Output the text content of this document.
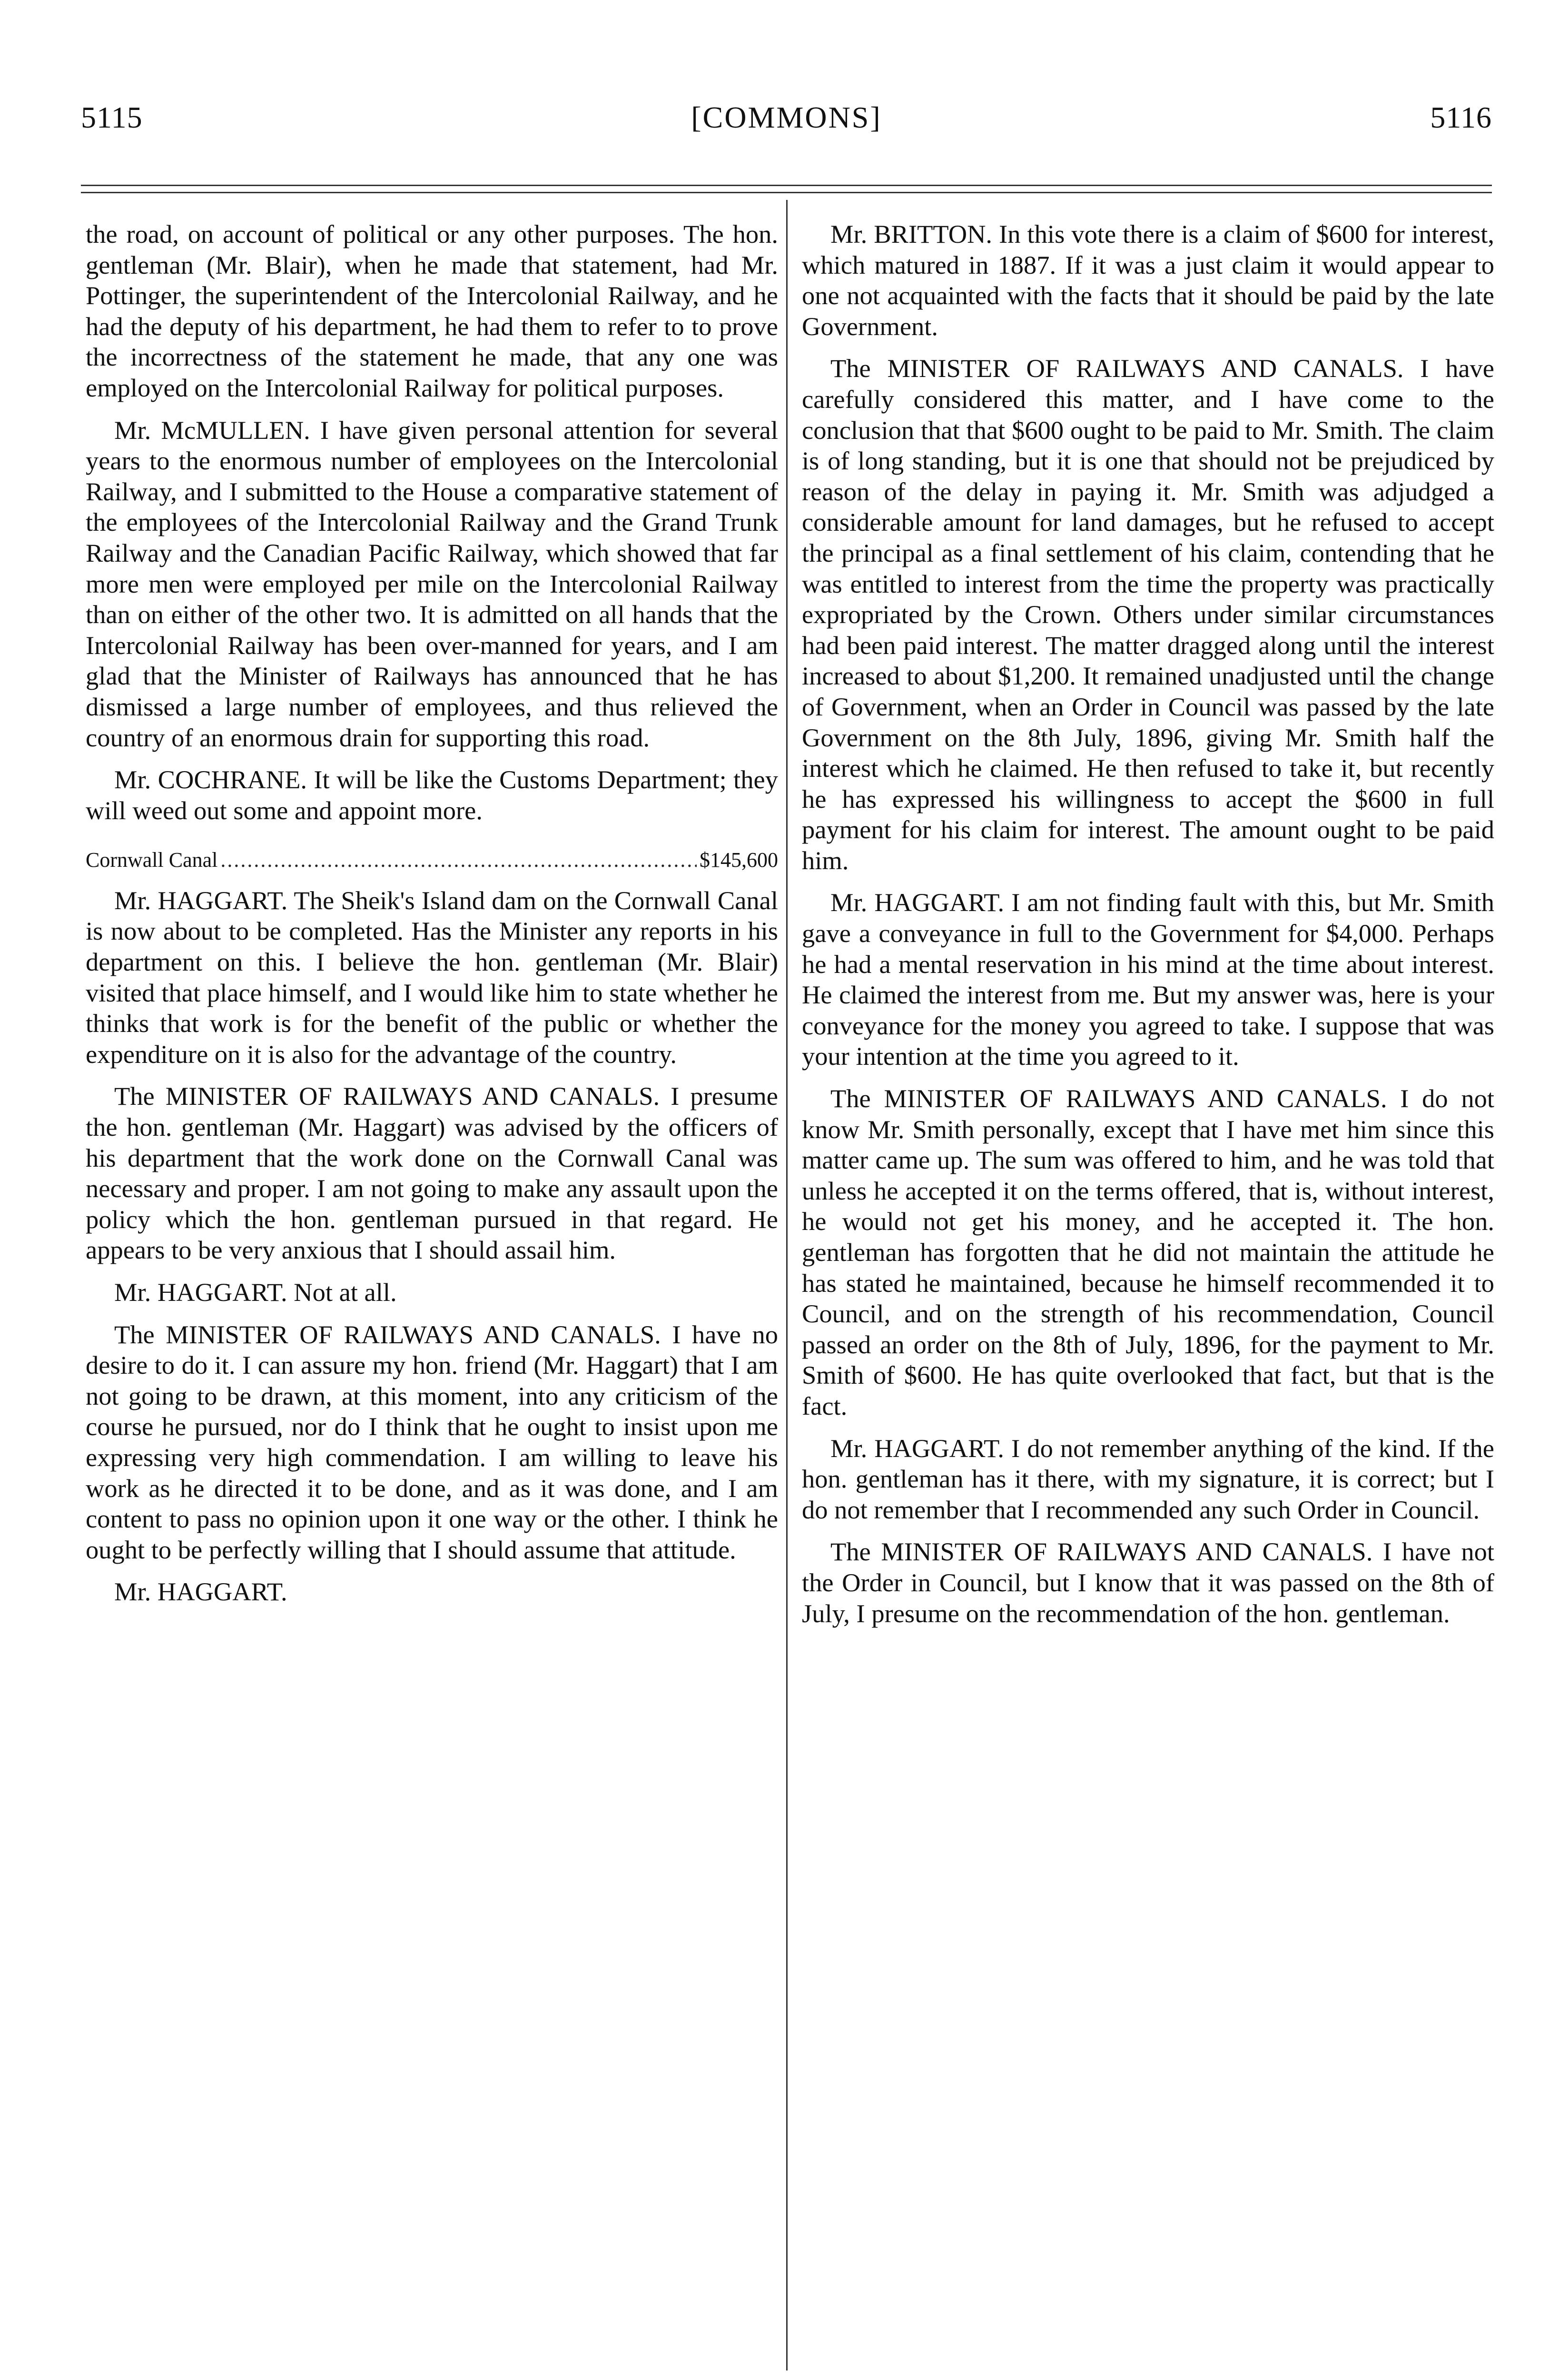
5115	[COMMONS]	5116

the road, on account of political or any other purposes. The hon. gentleman (Mr. Blair), when he made that statement, had Mr. Pottinger, the superintendent of the Intercolonial Railway, and he had the deputy of his department, he had them to refer to to prove the incorrectness of the statement he made, that any one was employed on the Intercolonial Railway for political purposes.

Mr. McMULLEN. I have given personal attention for several years to the enormous number of employees on the Intercolonial Railway, and I submitted to the House a comparative statement of the employees of the Intercolonial Railway and the Grand Trunk Railway and the Canadian Pacific Railway, which showed that far more men were employed per mile on the Intercolonial Railway than on either of the other two. It is admitted on all hands that the Intercolonial Railway has been over-manned for years, and I am glad that the Minister of Railways has announced that he has dismissed a large number of employees, and thus relieved the country of an enormous drain for supporting this road.

Mr. COCHRANE. It will be like the Customs Department; they will weed out some and appoint more.

Cornwall Canal
.....	$145,600

Mr. HAGGART. The Sheik's Island dam on the Cornwall Canal is now about to be completed. Has the Minister any reports in his department on this. I believe the hon. gentleman (Mr. Blair) visited that place himself, and I would like him to state whether he thinks that work is for the benefit of the public or whether the expenditure on it is also for the advantage of the country.

The MINISTER OF RAILWAYS AND CANALS. I presume the hon. gentleman (Mr. Haggart) was advised by the officers of his department that the work done on the Cornwall Canal was necessary and proper. I am not going to make any assault upon the policy which the hon. gentleman pursued in that regard. He appears to be very anxious that I should assail him.

Mr. HAGGART. Not at all.

The MINISTER OF RAILWAYS AND CANALS. I have no desire to do it. I can assure my hon. friend (Mr. Haggart) that I am not going to be drawn, at this moment, into any criticism of the course he pursued, nor do I think that he ought to insist upon me expressing very high commendation. I am willing to leave his work as he directed it to be done, and as it was done, and I am content to pass no opinion upon it one way or the other. I think he ought to be perfectly willing that I should assume that attitude.

Mr. HAGGART.

Mr. BRITTON. In this vote there is a claim of $600 for interest, which matured in 1887. If it was a just claim it would appear to one not acquainted with the facts that it should be paid by the late Government.

The MINISTER OF RAILWAYS AND CANALS. I have carefully considered this matter, and I have come to the conclusion that that $600 ought to be paid to Mr. Smith. The claim is of long standing, but it is one that should not be prejudiced by reason of the delay in paying it. Mr. Smith was adjudged a considerable amount for land damages, but he refused to accept the principal as a final settlement of his claim, contending that he was entitled to interest from the time the property was practically expropriated by the Crown. Others under similar circumstances had been paid interest. The matter dragged along until the interest increased to about $1,200. It remained unadjusted until the change of Government, when an Order in Council was passed by the late Government on the 8th July, 1896, giving Mr. Smith half the interest which he claimed. He then refused to take it, but recently he has expressed his willingness to accept the $600 in full payment for his claim for interest. The amount ought to be paid him.

Mr. HAGGART. I am not finding fault with this, but Mr. Smith gave a conveyance in full to the Government for $4,000. Perhaps he had a mental reservation in his mind at the time about interest. He claimed the interest from me. But my answer was, here is your conveyance for the money you agreed to take. I suppose that was your intention at the time you agreed to it.

The MINISTER OF RAILWAYS AND CANALS. I do not know Mr. Smith personally, except that I have met him since this matter came up. The sum was offered to him, and he was told that unless he accepted it on the terms offered, that is, without interest, he would not get his money, and he accepted it. The hon. gentleman has forgotten that he did not maintain the attitude he has stated he maintained, because he himself recommended it to Council, and on the strength of his recommendation, Council passed an order on the 8th of July, 1896, for the payment to Mr. Smith of $600. He has quite overlooked that fact, but that is the fact.

Mr. HAGGART. I do not remember anything of the kind. If the hon. gentleman has it there, with my signature, it is correct; but I do not remember that I recommended any such Order in Council.

The MINISTER OF RAILWAYS AND CANALS. I have not the Order in Council, but I know that it was passed on the 8th of July, I presume on the recommendation of the hon. gentleman.
